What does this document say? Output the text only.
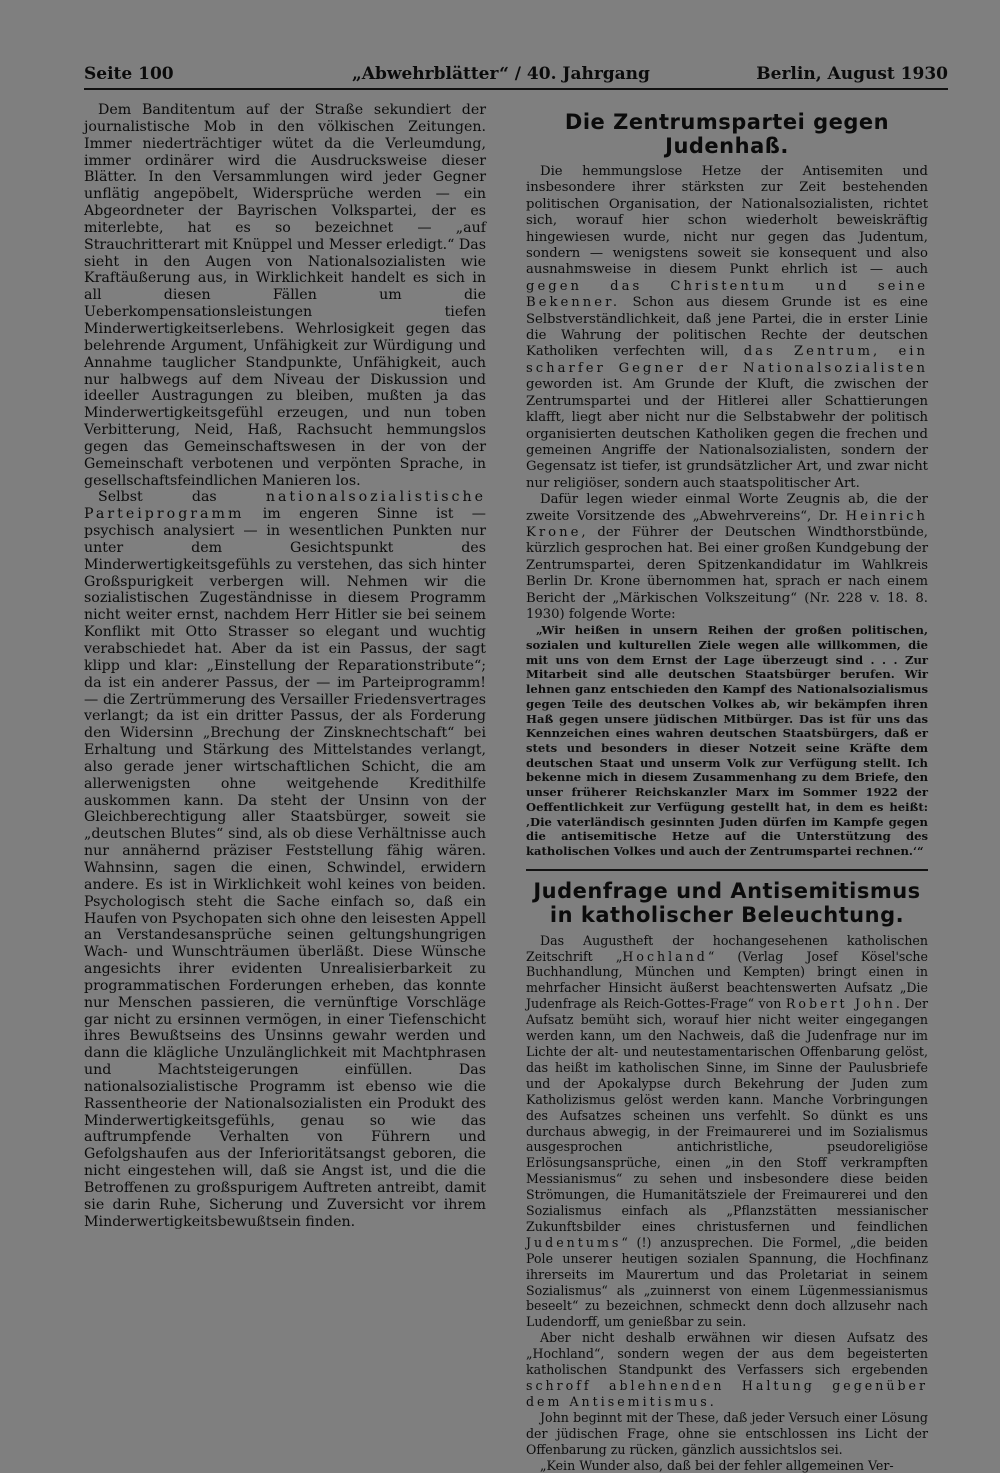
Seite 100	„Abwehrblätter“ / 40. Jahrgang	Berlin, August 1930

Dem Banditentum auf der Straße sekundiert der journalistische Mob in den völkischen Zeitungen. Immer niederträchtiger wütet da die Verleumdung, immer ordinärer wird die Ausdrucksweise dieser Blätter. In den Versammlungen wird jeder Gegner unflätig angepöbelt, Widersprüche werden — ein Abgeordneter der Bayrischen Volkspartei, der es miterlebte, hat es so bezeichnet — „auf Strauchritterart mit Knüppel und Messer erledigt.“ Das sieht in den Augen von Nationalsozialisten wie Kraftäußerung aus, in Wirklichkeit handelt es sich in all diesen Fällen um die Ueberkompensationsleistungen tiefen Minderwertigkeitserlebens. Wehrlosigkeit gegen das belehrende Argument, Unfähigkeit zur Würdigung und Annahme tauglicher Standpunkte, Unfähigkeit, auch nur halbwegs auf dem Niveau der Diskussion und ideeller Austragungen zu bleiben, mußten ja das Minderwertigkeitsgefühl erzeugen, und nun toben Verbitterung, Neid, Haß, Rachsucht hemmungslos gegen das Gemeinschaftswesen in der von der Gemeinschaft verbotenen und verpönten Sprache, in gesellschaftsfeindlichen Manieren los.

Selbst das nationalsozialistische Parteiprogramm im engeren Sinne ist — psychisch analysiert — in wesentlichen Punkten nur unter dem Gesichtspunkt des Minderwertigkeitsgefühls zu verstehen, das sich hinter Großspurigkeit verbergen will. Nehmen wir die sozialistischen Zugeständnisse in diesem Programm nicht weiter ernst, nachdem Herr Hitler sie bei seinem Konflikt mit Otto Strasser so elegant und wuchtig verabschiedet hat. Aber da ist ein Passus, der sagt klipp und klar: „Einstellung der Reparationstribute“; da ist ein anderer Passus, der — im Parteiprogramm! — die Zertrümmerung des Versailler Friedensvertrages verlangt; da ist ein dritter Passus, der als Forderung den Widersinn „Brechung der Zinsknechtschaft“ bei Erhaltung und Stärkung des Mittelstandes verlangt, also gerade jener wirtschaftlichen Schicht, die am allerwenigsten ohne weitgehende Kredithilfe auskommen kann. Da steht der Unsinn von der Gleichberechtigung aller Staatsbürger, soweit sie „deutschen Blutes“ sind, als ob diese Verhältnisse auch nur annähernd präziser Feststellung fähig wären. Wahnsinn, sagen die einen, Schwindel, erwidern andere. Es ist in Wirklichkeit wohl keines von beiden. Psychologisch steht die Sache einfach so, daß ein Haufen von Psychopaten sich ohne den leisesten Appell an Verstandesansprüche seinen geltungshungrigen Wach- und Wunschträumen überläßt. Diese Wünsche angesichts ihrer evidenten Unrealisierbarkeit zu programmatischen Forderungen erheben, das konnte nur Menschen passieren, die vernünftige Vorschläge gar nicht zu ersinnen vermögen, in einer Tiefenschicht ihres Bewußtseins des Unsinns gewahr werden und dann die klägliche Unzulänglichkeit mit Machtphrasen und Machtsteigerungen einfüllen. Das nationalsozialistische Programm ist ebenso wie die Rassentheorie der Nationalsozialisten ein Produkt des Minderwertigkeitsgefühls, genau so wie das auftrumpfende Verhalten von Führern und Gefolgshaufen aus der Inferioritätsangst geboren, die nicht eingestehen will, daß sie Angst ist, und die die Betroffenen zu großspurigem Auftreten antreibt, damit sie darin Ruhe, Sicherung und Zuversicht vor ihrem Minderwertigkeitsbewußtsein finden.

Die Zentrumspartei gegen Judenhaß.

Die hemmungslose Hetze der Antisemiten und insbesondere ihrer stärksten zur Zeit bestehenden politischen Organisation, der Nationalsozialisten, richtet sich, worauf hier schon wiederholt beweiskräftig hingewiesen wurde, nicht nur gegen das Judentum, sondern — wenigstens soweit sie konsequent und also ausnahmsweise in diesem Punkt ehrlich ist — auch gegen das Christentum und seine Bekenner. Schon aus diesem Grunde ist es eine Selbstverständlichkeit, daß jene Partei, die in erster Linie die Wahrung der politischen Rechte der deutschen Katholiken verfechten will, das Zentrum, ein scharfer Gegner der Nationalsozialisten geworden ist. Am Grunde der Kluft, die zwischen der Zentrumspartei und der Hitlerei aller Schattierungen klafft, liegt aber nicht nur die Selbstabwehr der politisch organisierten deutschen Katholiken gegen die frechen und gemeinen Angriffe der Nationalsozialisten, sondern der Gegensatz ist tiefer, ist grundsätzlicher Art, und zwar nicht nur religiöser, sondern auch staatspolitischer Art.

Dafür legen wieder einmal Worte Zeugnis ab, die der zweite Vorsitzende des „Abwehrvereins“, Dr. Heinrich Krone, der Führer der Deutschen Windthorstbünde, kürzlich gesprochen hat. Bei einer großen Kundgebung der Zentrumspartei, deren Spitzenkandidatur im Wahlkreis Berlin Dr. Krone übernommen hat, sprach er nach einem Bericht der „Märkischen Volkszeitung“ (Nr. 228 v. 18. 8. 1930) folgende Worte:

„Wir heißen in unsern Reihen der großen politischen, sozialen und kulturellen Ziele wegen alle willkommen, die mit uns von dem Ernst der Lage überzeugt sind . . . Zur Mitarbeit sind alle deutschen Staatsbürger berufen. Wir lehnen ganz entschieden den Kampf des Nationalsozialismus gegen Teile des deutschen Volkes ab, wir bekämpfen ihren Haß gegen unsere jüdischen Mitbürger. Das ist für uns das Kennzeichen eines wahren deutschen Staatsbürgers, daß er stets und besonders in dieser Notzeit seine Kräfte dem deutschen Staat und unserm Volk zur Verfügung stellt. Ich bekenne mich in diesem Zusammenhang zu dem Briefe, den unser früherer Reichskanzler Marx im Sommer 1922 der Oeffentlichkeit zur Verfügung gestellt hat, in dem es heißt: ‚Die vaterländisch gesinnten Juden dürfen im Kampfe gegen die antisemitische Hetze auf die Unterstützung des katholischen Volkes und auch der Zentrumspartei rechnen.‘“

Judenfrage und Antisemitismus in katholischer Beleuchtung.

Das Augustheft der hochangesehenen katholischen Zeitschrift „Hochland“ (Verlag Josef Kösel'sche Buchhandlung, München und Kempten) bringt einen in mehrfacher Hinsicht äußerst beachtenswerten Aufsatz „Die Judenfrage als Reich-Gottes-Frage“ von Robert John. Der Aufsatz bemüht sich, worauf hier nicht weiter eingegangen werden kann, um den Nachweis, daß die Judenfrage nur im Lichte der alt- und neutestamentarischen Offenbarung gelöst, das heißt im katholischen Sinne, im Sinne der Paulusbriefe und der Apokalypse durch Bekehrung der Juden zum Katholizismus gelöst werden kann. Manche Vorbringungen des Aufsatzes scheinen uns verfehlt. So dünkt es uns durchaus abwegig, in der Freimaurerei und im Sozialismus ausgesprochen antichristliche, pseudoreligiöse Erlösungsansprüche, einen „in den Stoff verkrampften Messianismus“ zu sehen und insbesondere diese beiden Strömungen, die Humanitätsziele der Freimaurerei und den Sozialismus einfach als „Pflanzstätten messianischer Zukunftsbilder eines christusfernen und feindlichen Judentums“ (!) anzusprechen. Die Formel, „die beiden Pole unserer heutigen sozialen Spannung, die Hochfinanz ihrerseits im Maurertum und das Proletariat in seinem Sozialismus“ als „zuinnerst von einem Lügenmessianismus beseelt“ zu bezeichnen, schmeckt denn doch allzusehr nach Ludendorff, um genießbar zu sein.

Aber nicht deshalb erwähnen wir diesen Aufsatz des „Hochland“, sondern wegen der aus dem begeisterten katholischen Standpunkt des Verfassers sich ergebenden schroff ablehnenden Haltung gegenüber dem Antisemitismus.

John beginnt mit der These, daß jeder Versuch einer Lösung der jüdischen Frage, ohne sie entschlossen ins Licht der Offenbarung zu rücken, gänzlich aussichtslos sei.

„Kein Wunder also, daß bei der fehler allgemeinen Ver-
